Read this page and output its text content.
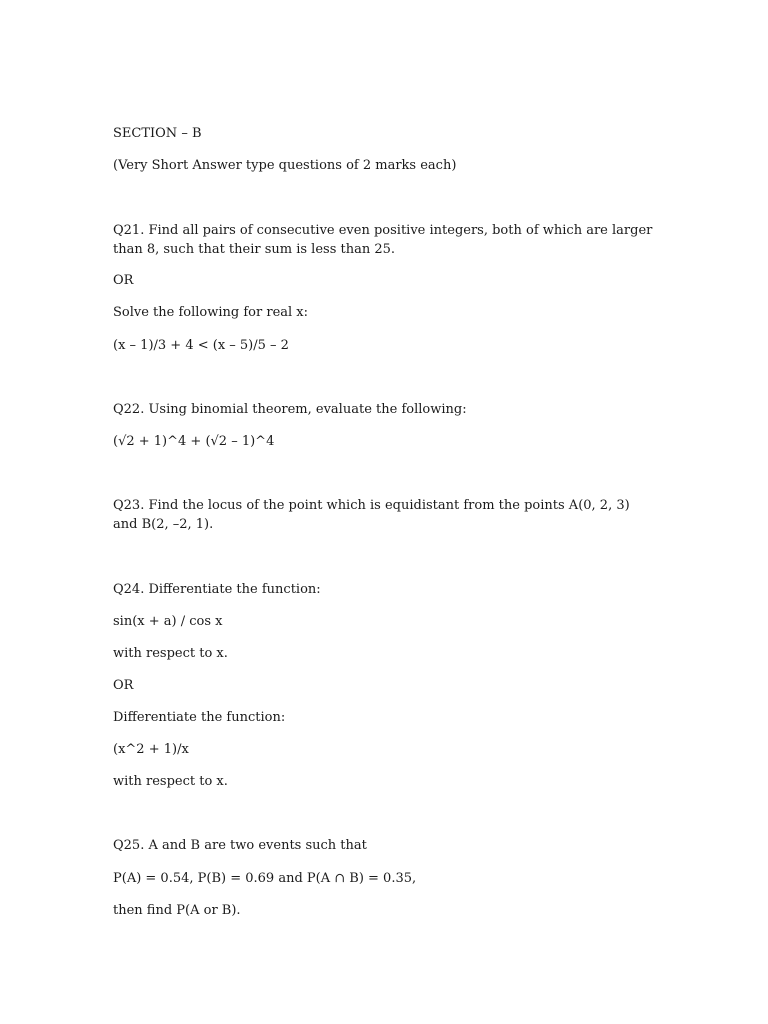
SECTION – B
(Very Short Answer type questions of 2 marks each)
Q21. Find all pairs of consecutive even positive integers, both of which are larger than 8, such that their sum is less than 25.
OR
Solve the following for real x:
(x – 1)/3 + 4 < (x – 5)/5 – 2
Q22. Using binomial theorem, evaluate the following:
(√2 + 1)^4 + (√2 – 1)^4
Q23. Find the locus of the point which is equidistant from the points A(0, 2, 3) and B(2, –2, 1).
Q24. Differentiate the function:
sin(x + a) / cos x
with respect to x.
OR
Differentiate the function:
(x^2 + 1)/x
with respect to x.
Q25. A and B are two events such that
P(A) = 0.54, P(B) = 0.69 and P(A ∩ B) = 0.35,
then find P(A or B).
